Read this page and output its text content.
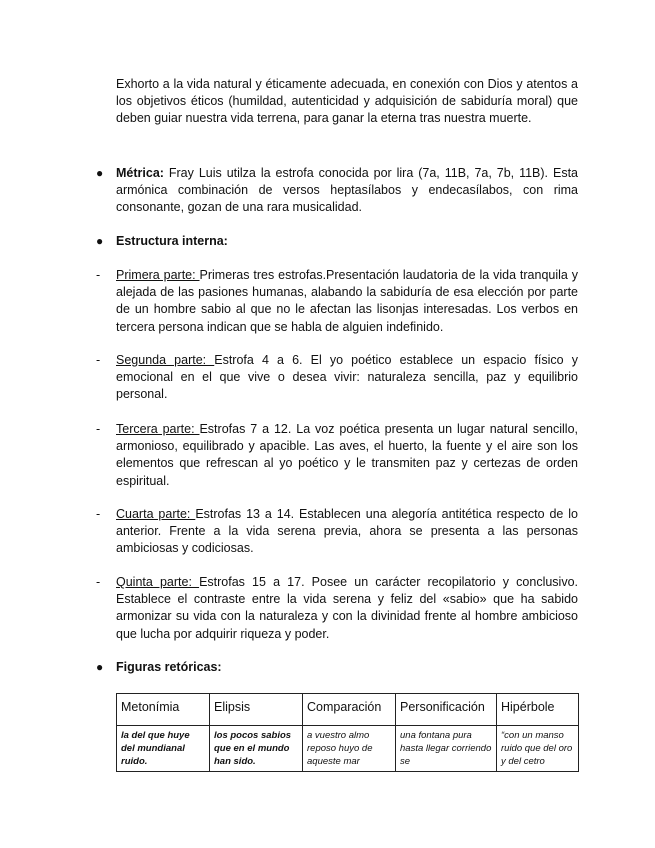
Exhorto a la vida natural y éticamente adecuada, en conexión con Dios y atentos a los objetivos éticos (humildad, autenticidad y adquisición de sabiduría moral) que deben guiar nuestra vida terrena, para ganar la eterna tras nuestra muerte.

● Métrica: Fray Luis utilza la estrofa conocida por lira (7a, 11B, 7a, 7b, 11B). Esta armónica combinación de versos heptasílabos y endecasílabos, con rima consonante, gozan de una rara musicalidad.

● Estructura interna:

- Primera parte: Primeras tres estrofas.Presentación laudatoria de la vida tranquila y alejada de las pasiones humanas, alabando la sabiduría de esa elección por parte de un hombre sabio al que no le afectan las lisonjas interesadas. Los verbos en tercera persona indican que se habla de alguien indefinido.

- Segunda parte: Estrofa 4 a 6. El yo poético establece un espacio físico y emocional en el que vive o desea vivir: naturaleza sencilla, paz y equilibrio personal.

- Tercera parte: Estrofas 7 a 12. La voz poética presenta un lugar natural sencillo, armonioso, equilibrado y apacible. Las aves, el huerto, la fuente y el aire son los elementos que refrescan al yo poético y le transmiten paz y certezas de orden espiritual.

- Cuarta parte: Estrofas 13 a 14. Establecen una alegoría antitética respecto de lo anterior. Frente a la vida serena previa, ahora se presenta a las personas ambiciosas y codiciosas.

- Quinta parte: Estrofas 15 a 17. Posee un carácter recopilatorio y conclusivo. Establece el contraste entre la vida serena y feliz del «sabio» que ha sabido armonizar su vida con la naturaleza y con la divinidad frente al hombre ambicioso que lucha por adquirir riqueza y poder.

● Figuras retóricas:

Metonímia	Elipsis	Comparación	Personificación	Hipérbole
la del que huye del mundianal ruido.	los pocos sabios que en el mundo han sido.	a vuestro almo reposo huyo de aqueste mar	una fontana pura hasta llegar corriendo se	“con un manso ruido que del oro y del cetro
